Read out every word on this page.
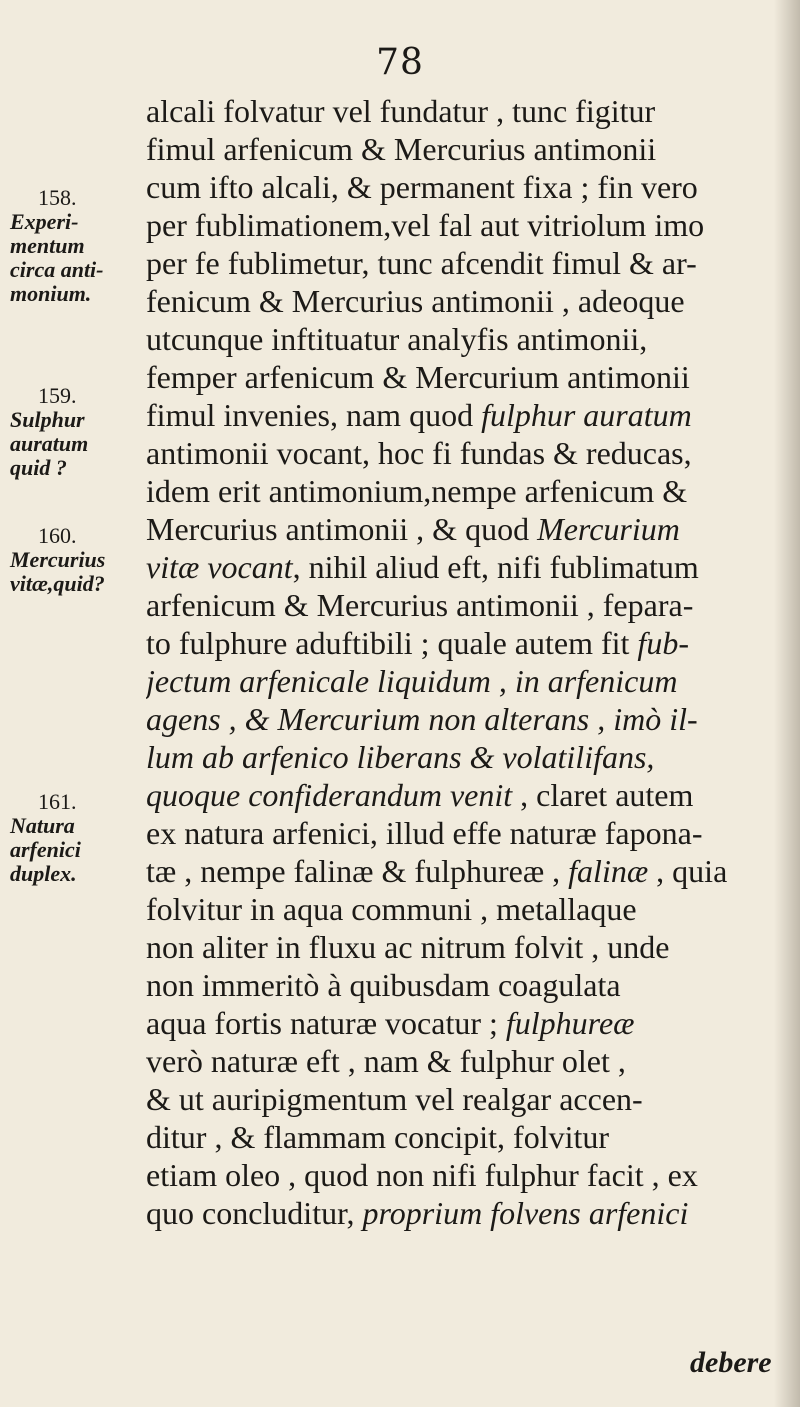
78
158.
Experi-
mentum
circa anti-
monium.
159.
Sulphur
auratum
quid ?
160.
Mercurius
vitæ,quid?
161.
Natura
arfenici
duplex.
alcali folvatur vel fundatur , tunc figitur
fimul arfenicum & Mercurius antimonii
cum ifto alcali, & permanent fixa ; fin vero
per fublimationem,vel fal aut vitriolum imo
per fe fublimetur, tunc afcendit fimul & ar-
fenicum & Mercurius antimonii , adeoque
utcunque inftituatur analyfis antimonii,
femper arfenicum & Mercurium antimonii
fimul invenies, nam quod fulphur auratum
antimonii vocant, hoc fi fundas & reducas,
idem erit antimonium,nempe arfenicum &
Mercurius antimonii , & quod Mercurium
vitæ vocant, nihil aliud eft, nifi fublimatum
arfenicum & Mercurius antimonii , fepara-
to fulphure aduftibili ; quale autem fit fub-
jectum arfenicale liquidum , in arfenicum
agens , & Mercurium non alterans , imò il-
lum ab arfenico liberans & volatilifans,
quoque confiderandum venit , claret autem
ex natura arfenici, illud effe naturæ fapona-
tæ , nempe falinæ & fulphureæ , falinæ , quia
folvitur in aqua communi , metallaque
non aliter in fluxu ac nitrum folvit , unde
non immeritò à quibusdam coagulata
aqua fortis naturæ vocatur ; fulphureæ
verò naturæ eft , nam & fulphur olet ,
& ut auripigmentum vel realgar accen-
ditur , & flammam concipit, folvitur
etiam oleo , quod non nifi fulphur facit , ex
quo concluditur, proprium folvens arfenici
debere
